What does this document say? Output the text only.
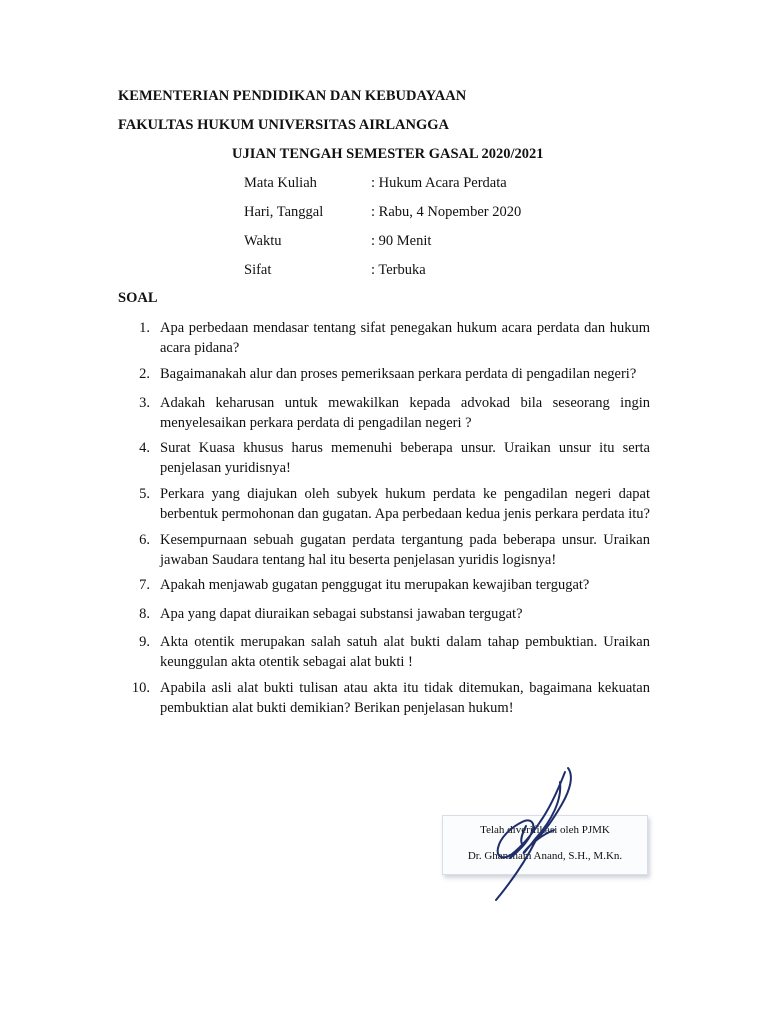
KEMENTERIAN PENDIDIKAN DAN KEBUDAYAAN
FAKULTAS HUKUM UNIVERSITAS AIRLANGGA
UJIAN TENGAH SEMESTER GASAL 2020/2021
Mata Kuliah	: Hukum Acara Perdata
Hari, Tanggal	: Rabu, 4 Nopember 2020
Waktu	: 90 Menit
Sifat	: Terbuka
SOAL
1. Apa perbedaan mendasar tentang sifat penegakan hukum acara perdata dan hukum acara pidana?
2. Bagaimanakah alur dan proses pemeriksaan perkara perdata di pengadilan negeri?
3. Adakah keharusan untuk mewakilkan kepada advokad bila seseorang ingin menyelesaikan perkara perdata di pengadilan negeri ?
4. Surat Kuasa khusus harus memenuhi beberapa unsur. Uraikan unsur itu serta penjelasan yuridisnya!
5. Perkara yang diajukan oleh subyek hukum perdata ke pengadilan negeri dapat berbentuk permohonan dan gugatan. Apa perbedaan kedua jenis perkara perdata itu?
6. Kesempurnaan sebuah gugatan perdata tergantung pada beberapa unsur. Uraikan jawaban Saudara tentang hal itu beserta penjelasan yuridis logisnya!
7. Apakah menjawab gugatan penggugat itu merupakan kewajiban tergugat?
8. Apa yang dapat diuraikan sebagai substansi jawaban tergugat?
9. Akta otentik merupakan salah satuh alat bukti dalam tahap pembuktian. Uraikan keunggulan akta otentik sebagai alat bukti !
10. Apabila asli alat bukti tulisan atau akta itu tidak ditemukan, bagaimana kekuatan pembuktian alat bukti demikian? Berikan penjelasan hukum!
Telah diverifikasi oleh PJMK
Dr. Ghansham Anand, S.H., M.Kn.
